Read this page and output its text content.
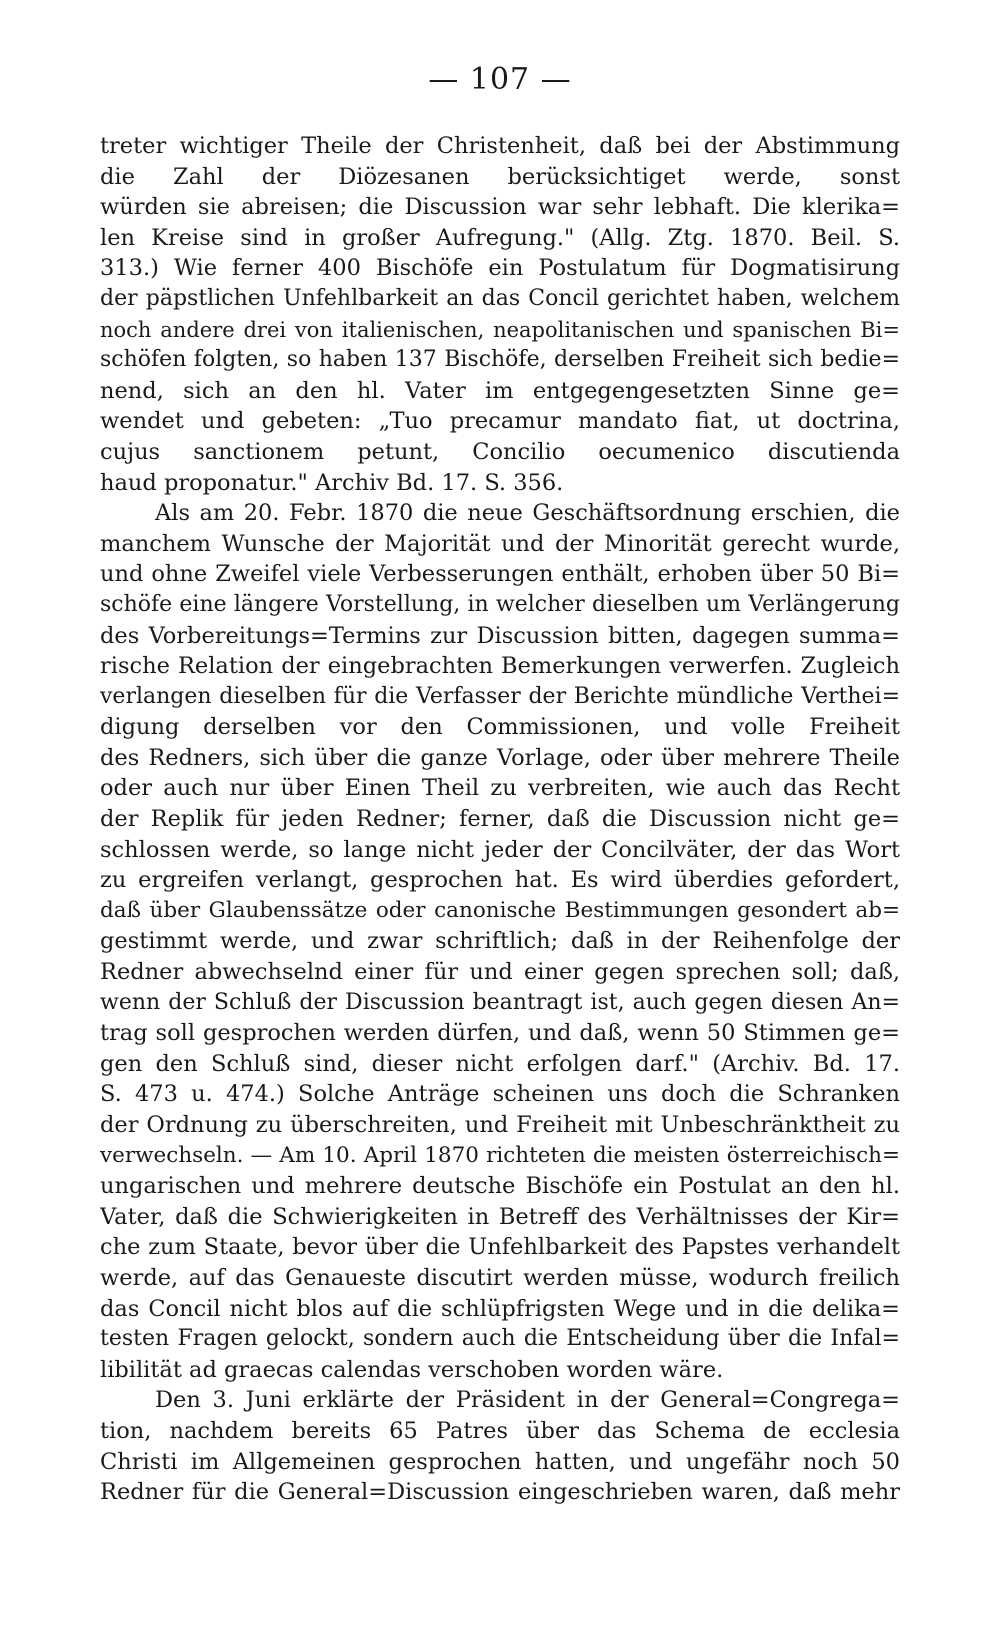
— 107 —
treter wichtiger Theile der Christenheit, daß bei der Abstimmung
die Zahl der Diözesanen berücksichtiget werde, sonst
würden sie abreisen; die Discussion war sehr lebhaft. Die klerika=
len Kreise sind in großer Aufregung." (Allg. Ztg. 1870. Beil. S.
313.) Wie ferner 400 Bischöfe ein Postulatum für Dogmatisirung
der päpstlichen Unfehlbarkeit an das Concil gerichtet haben, welchem
noch andere drei von italienischen, neapolitanischen und spanischen Bi=
schöfen folgten, so haben 137 Bischöfe, derselben Freiheit sich bedie=
nend, sich an den hl. Vater im entgegengesetzten Sinne ge=
wendet und gebeten: „Tuo precamur mandato fiat, ut doctrina,
cujus sanctionem petunt, Concilio oecumenico discutienda
haud proponatur." Archiv Bd. 17. S. 356.
Als am 20. Febr. 1870 die neue Geschäftsordnung erschien, die
manchem Wunsche der Majorität und der Minorität gerecht wurde,
und ohne Zweifel viele Verbesserungen enthält, erhoben über 50 Bi=
schöfe eine längere Vorstellung, in welcher dieselben um Verlängerung
des Vorbereitungs=Termins zur Discussion bitten, dagegen summa=
rische Relation der eingebrachten Bemerkungen verwerfen. Zugleich
verlangen dieselben für die Verfasser der Berichte mündliche Verthei=
digung derselben vor den Commissionen, und volle Freiheit
des Redners, sich über die ganze Vorlage, oder über mehrere Theile
oder auch nur über Einen Theil zu verbreiten, wie auch das Recht
der Replik für jeden Redner; ferner, daß die Discussion nicht ge=
schlossen werde, so lange nicht jeder der Concilväter, der das Wort
zu ergreifen verlangt, gesprochen hat. Es wird überdies gefordert,
daß über Glaubenssätze oder canonische Bestimmungen gesondert ab=
gestimmt werde, und zwar schriftlich; daß in der Reihenfolge der
Redner abwechselnd einer für und einer gegen sprechen soll; daß,
wenn der Schluß der Discussion beantragt ist, auch gegen diesen An=
trag soll gesprochen werden dürfen, und daß, wenn 50 Stimmen ge=
gen den Schluß sind, dieser nicht erfolgen darf." (Archiv. Bd. 17.
S. 473 u. 474.) Solche Anträge scheinen uns doch die Schranken
der Ordnung zu überschreiten, und Freiheit mit Unbeschränktheit zu
verwechseln. — Am 10. April 1870 richteten die meisten österreichisch=
ungarischen und mehrere deutsche Bischöfe ein Postulat an den hl.
Vater, daß die Schwierigkeiten in Betreff des Verhältnisses der Kir=
che zum Staate, bevor über die Unfehlbarkeit des Papstes verhandelt
werde, auf das Genaueste discutirt werden müsse, wodurch freilich
das Concil nicht blos auf die schlüpfrigsten Wege und in die delika=
testen Fragen gelockt, sondern auch die Entscheidung über die Infal=
libilität ad graecas calendas verschoben worden wäre.
Den 3. Juni erklärte der Präsident in der General=Congrega=
tion, nachdem bereits 65 Patres über das Schema de ecclesia
Christi im Allgemeinen gesprochen hatten, und ungefähr noch 50
Redner für die General=Discussion eingeschrieben waren, daß mehr
